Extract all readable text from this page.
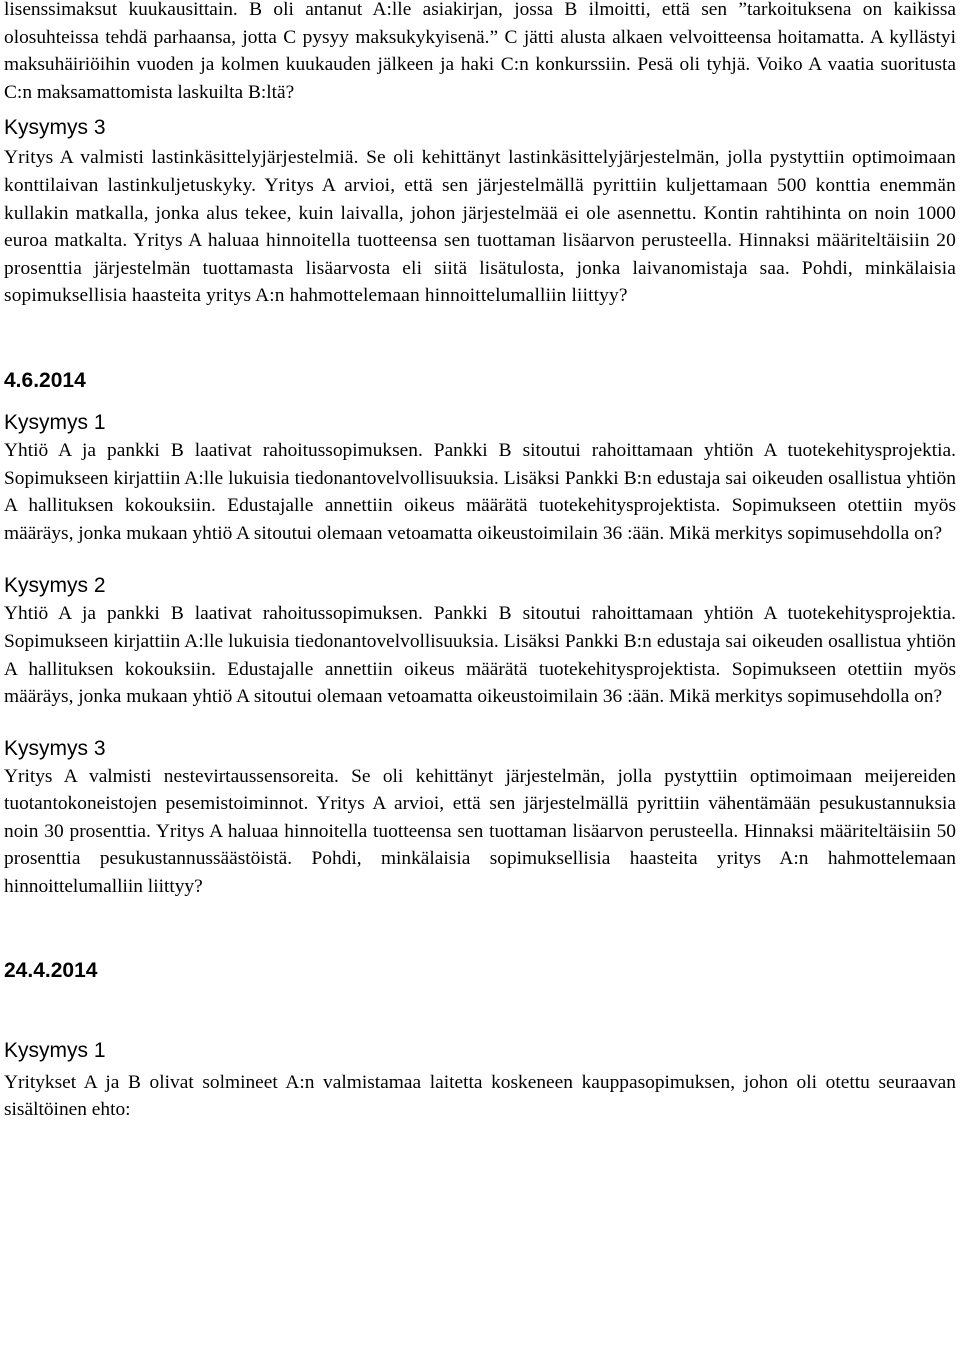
lisenssimaksut kuukausittain. B oli antanut A:lle asiakirjan, jossa B ilmoitti, että sen ”tarkoituksena on kaikissa olosuhteissa tehdä parhaansa, jotta C pysyy maksukykyisenä.” C jätti alusta alkaen velvoitteensa hoitamatta. A kyllästyi maksuhäiriöihin vuoden ja kolmen kuukauden jälkeen ja haki C:n konkurssiin. Pesä oli tyhjä. Voiko A vaatia suoritusta C:n maksamattomista laskuilta B:ltä?

Kysymys 3

Yritys A valmisti lastinkäsittelyjärjestelmiä. Se oli kehittänyt lastinkäsittelyjärjestelmän, jolla pystyttiin optimoimaan konttilaivan lastinkuljetuskyky. Yritys A arvioi, että sen järjestelmällä pyrittiin kuljettamaan 500 konttia enemmän kullakin matkalla, jonka alus tekee, kuin laivalla, johon järjestelmää ei ole asennettu. Kontin rahtihinta on noin 1000 euroa matkalta. Yritys A haluaa hinnoitella tuotteensa sen tuottaman lisäarvon perusteella. Hinnaksi määriteltäisiin 20 prosenttia järjestelmän tuottamasta lisäarvosta eli siitä lisätulosta, jonka laivanomistaja saa. Pohdi, minkälaisia sopimuksellisia haasteita yritys A:n hahmottelemaan hinnoittelumalliin liittyy?

4.6.2014
Kysymys 1

Yhtiö A ja pankki B laativat rahoitussopimuksen. Pankki B sitoutui rahoittamaan yhtiön A tuotekehitysprojektia. Sopimukseen kirjattiin A:lle lukuisia tiedonantovelvollisuuksia. Lisäksi Pankki B:n edustaja sai oikeuden osallistua yhtiön A hallituksen kokouksiin. Edustajalle annettiin oikeus määrätä tuotekehitysprojektista. Sopimukseen otettiin myös määräys, jonka mukaan yhtiö A sitoutui olemaan vetoamatta oikeustoimilain 36 :ään. Mikä merkitys sopimusehdolla on?

Kysymys 2

Yhtiö A ja pankki B laativat rahoitussopimuksen. Pankki B sitoutui rahoittamaan yhtiön A tuotekehitysprojektia. Sopimukseen kirjattiin A:lle lukuisia tiedonantovelvollisuuksia. Lisäksi Pankki B:n edustaja sai oikeuden osallistua yhtiön A hallituksen kokouksiin. Edustajalle annettiin oikeus määrätä tuotekehitysprojektista. Sopimukseen otettiin myös määräys, jonka mukaan yhtiö A sitoutui olemaan vetoamatta oikeustoimilain 36 :ään. Mikä merkitys sopimusehdolla on?

Kysymys 3

Yritys A valmisti nestevirtaussensoreita. Se oli kehittänyt järjestelmän, jolla pystyttiin optimoimaan meijereiden tuotantokoneistojen pesemistoiminnot. Yritys A arvioi, että sen järjestelmällä pyrittiin vähentämään pesukustannuksia noin 30 prosenttia. Yritys A haluaa hinnoitella tuotteensa sen tuottaman lisäarvon perusteella. Hinnaksi määriteltäisiin 50 prosenttia pesukustannussäästöistä. Pohdi, minkälaisia sopimuksellisia haasteita yritys A:n hahmottelemaan hinnoittelumalliin liittyy?

24.4.2014
Kysymys 1

Yritykset A ja B olivat solmineet A:n valmistamaa laitetta koskeneen kauppasopimuksen, johon oli otettu seuraavan sisältöinen ehto:
